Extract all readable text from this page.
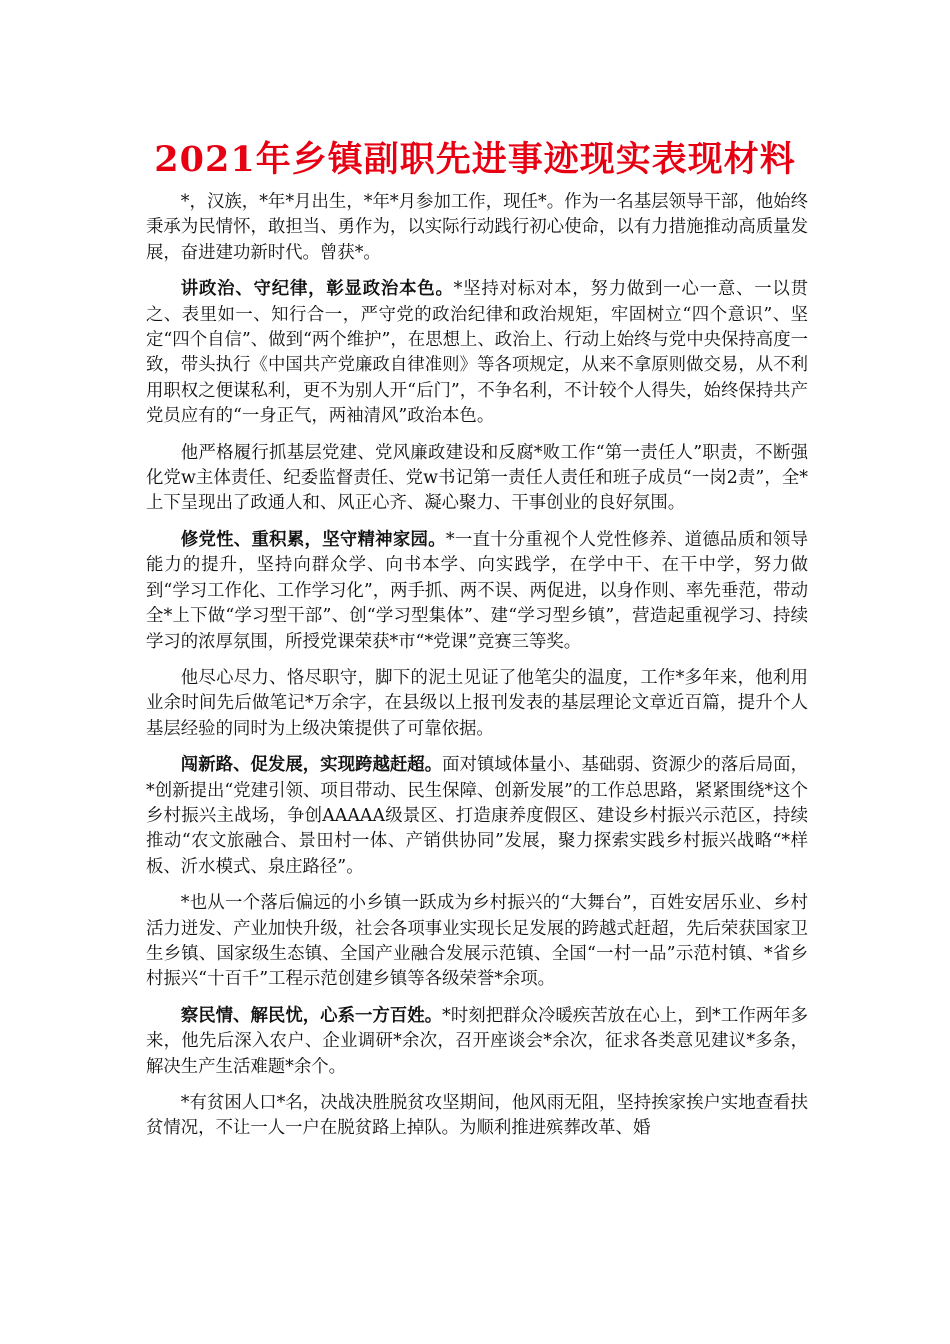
2021年乡镇副职先进事迹现实表现材料

*，汉族，*年*月出生，*年*月参加工作，现任*。作为一名基层领导干部，他始终秉承为民情怀，敢担当、勇作为，以实际行动践行初心使命，以有力措施推动高质量发展，奋进建功新时代。曾获*。

讲政治、守纪律，彰显政治本色。*坚持对标对本，努力做到一心一意、一以贯之、表里如一、知行合一，严守党的政治纪律和政治规矩，牢固树立“四个意识”、坚定“四个自信”、做到“两个维护”，在思想上、政治上、行动上始终与党中央保持高度一致，带头执行《中国共产党廉政自律准则》等各项规定，从来不拿原则做交易，从不利用职权之便谋私利，更不为别人开“后门”，不争名利，不计较个人得失，始终保持共产党员应有的“一身正气，两袖清风”政治本色。

他严格履行抓基层党建、党风廉政建设和反腐*败工作“第一责任人”职责，不断强化党w主体责任、纪委监督责任、党w书记第一责任人责任和班子成员“一岗2责”，全*上下呈现出了政通人和、风正心齐、凝心聚力、干事创业的良好氛围。

修党性、重积累，坚守精神家园。*一直十分重视个人党性修养、道德品质和领导能力的提升，坚持向群众学、向书本学、向实践学，在学中干、在干中学，努力做到“学习工作化、工作学习化”，两手抓、两不误、两促进，以身作则、率先垂范，带动全*上下做“学习型干部”、创“学习型集体”、建“学习型乡镇”，营造起重视学习、持续学习的浓厚氛围，所授党课荣获*市“*党课”竞赛三等奖。

他尽心尽力、恪尽职守，脚下的泥土见证了他笔尖的温度，工作*多年来，他利用业余时间先后做笔记*万余字，在县级以上报刊发表的基层理论文章近百篇，提升个人基层经验的同时为上级决策提供了可靠依据。

闯新路、促发展，实现跨越赶超。面对镇域体量小、基础弱、资源少的落后局面，*创新提出“党建引领、项目带动、民生保障、创新发展”的工作总思路，紧紧围绕*这个乡村振兴主战场，争创AAAAA级景区、打造康养度假区、建设乡村振兴示范区，持续推动“农文旅融合、景田村一体、产销供协同”发展，聚力探索实践乡村振兴战略“*样板、沂水模式、泉庄路径”。

*也从一个落后偏远的小乡镇一跃成为乡村振兴的“大舞台”，百姓安居乐业、乡村活力迸发、产业加快升级，社会各项事业实现长足发展的跨越式赶超，先后荣获国家卫生乡镇、国家级生态镇、全国产业融合发展示范镇、全国“一村一品”示范村镇、*省乡村振兴“十百千”工程示范创建乡镇等各级荣誉*余项。

察民情、解民忧，心系一方百姓。*时刻把群众冷暖疾苦放在心上，到*工作两年多来，他先后深入农户、企业调研*余次，召开座谈会*余次，征求各类意见建议*多条，解决生产生活难题*余个。

*有贫困人口*名，决战决胜脱贫攻坚期间，他风雨无阻，坚持挨家挨户实地查看扶贫情况，不让一人一户在脱贫路上掉队。为顺利推进殡葬改革、婚
